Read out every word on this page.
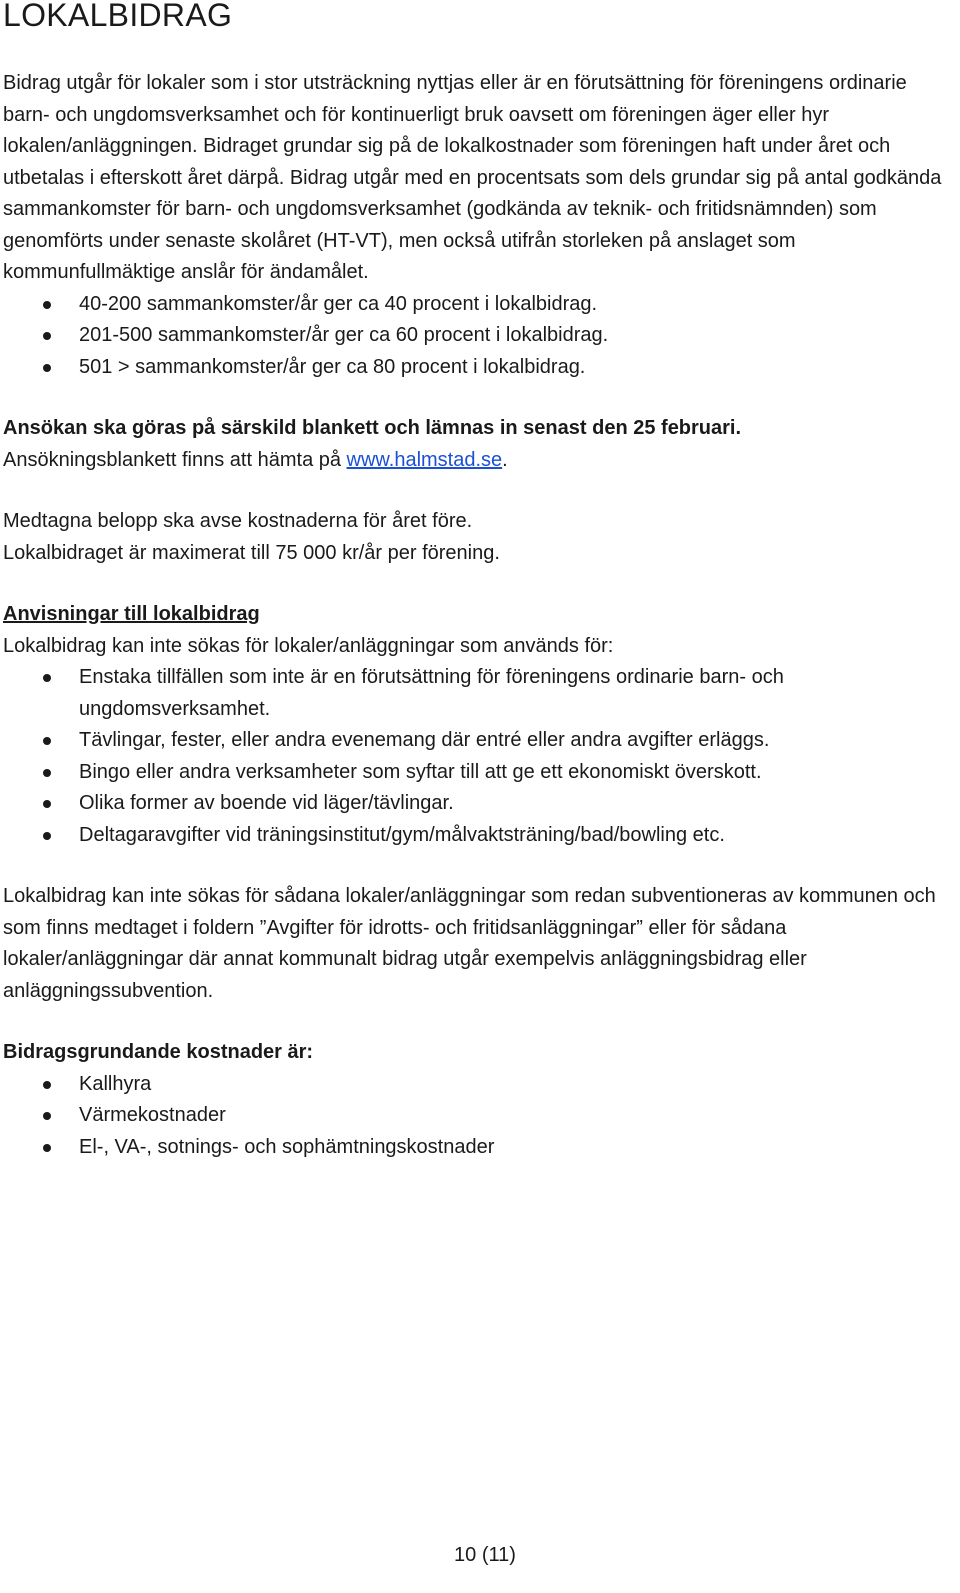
LOKALBIDRAG

Bidrag utgår för lokaler som i stor utsträckning nyttjas eller är en förutsättning för föreningens ordinarie barn- och ungdomsverksamhet och för kontinuerligt bruk oavsett om föreningen äger eller hyr lokalen/anläggningen. Bidraget grundar sig på de lokalkostnader som föreningen haft under året och utbetalas i efterskott året därpå. Bidrag utgår med en procentsats som dels grundar sig på antal godkända sammankomster för barn- och ungdomsverksamhet (godkända av teknik- och fritidsnämnden) som genomförts under senaste skolåret (HT-VT), men också utifrån storleken på anslaget som kommunfullmäktige anslår för ändamålet.

40-200 sammankomster/år ger ca 40 procent i lokalbidrag.
201-500 sammankomster/år ger ca 60 procent i lokalbidrag.
501 > sammankomster/år ger ca 80 procent i lokalbidrag.

Ansökan ska göras på särskild blankett och lämnas in senast den 25 februari.

Ansökningsblankett finns att hämta på www.halmstad.se.

Medtagna belopp ska avse kostnaderna för året före.

Lokalbidraget är maximerat till 75 000 kr/år per förening.

Anvisningar till lokalbidrag

Lokalbidrag kan inte sökas för lokaler/anläggningar som används för:

Enstaka tillfällen som inte är en förutsättning för föreningens ordinarie barn- och ungdomsverksamhet.
Tävlingar, fester, eller andra evenemang där entré eller andra avgifter erläggs.
Bingo eller andra verksamheter som syftar till att ge ett ekonomiskt överskott.
Olika former av boende vid läger/tävlingar.
Deltagaravgifter vid träningsinstitut/gym/målvaktsträning/bad/bowling etc.

Lokalbidrag kan inte sökas för sådana lokaler/anläggningar som redan subventioneras av kommunen och som finns medtaget i foldern ”Avgifter för idrotts- och fritidsanläggningar” eller för sådana lokaler/anläggningar där annat kommunalt bidrag utgår exempelvis anläggningsbidrag eller anläggningssubvention.

Bidragsgrundande kostnader är:

Kallhyra
Värmekostnader
El-, VA-, sotnings- och sophämtningskostnader
10 (11)
